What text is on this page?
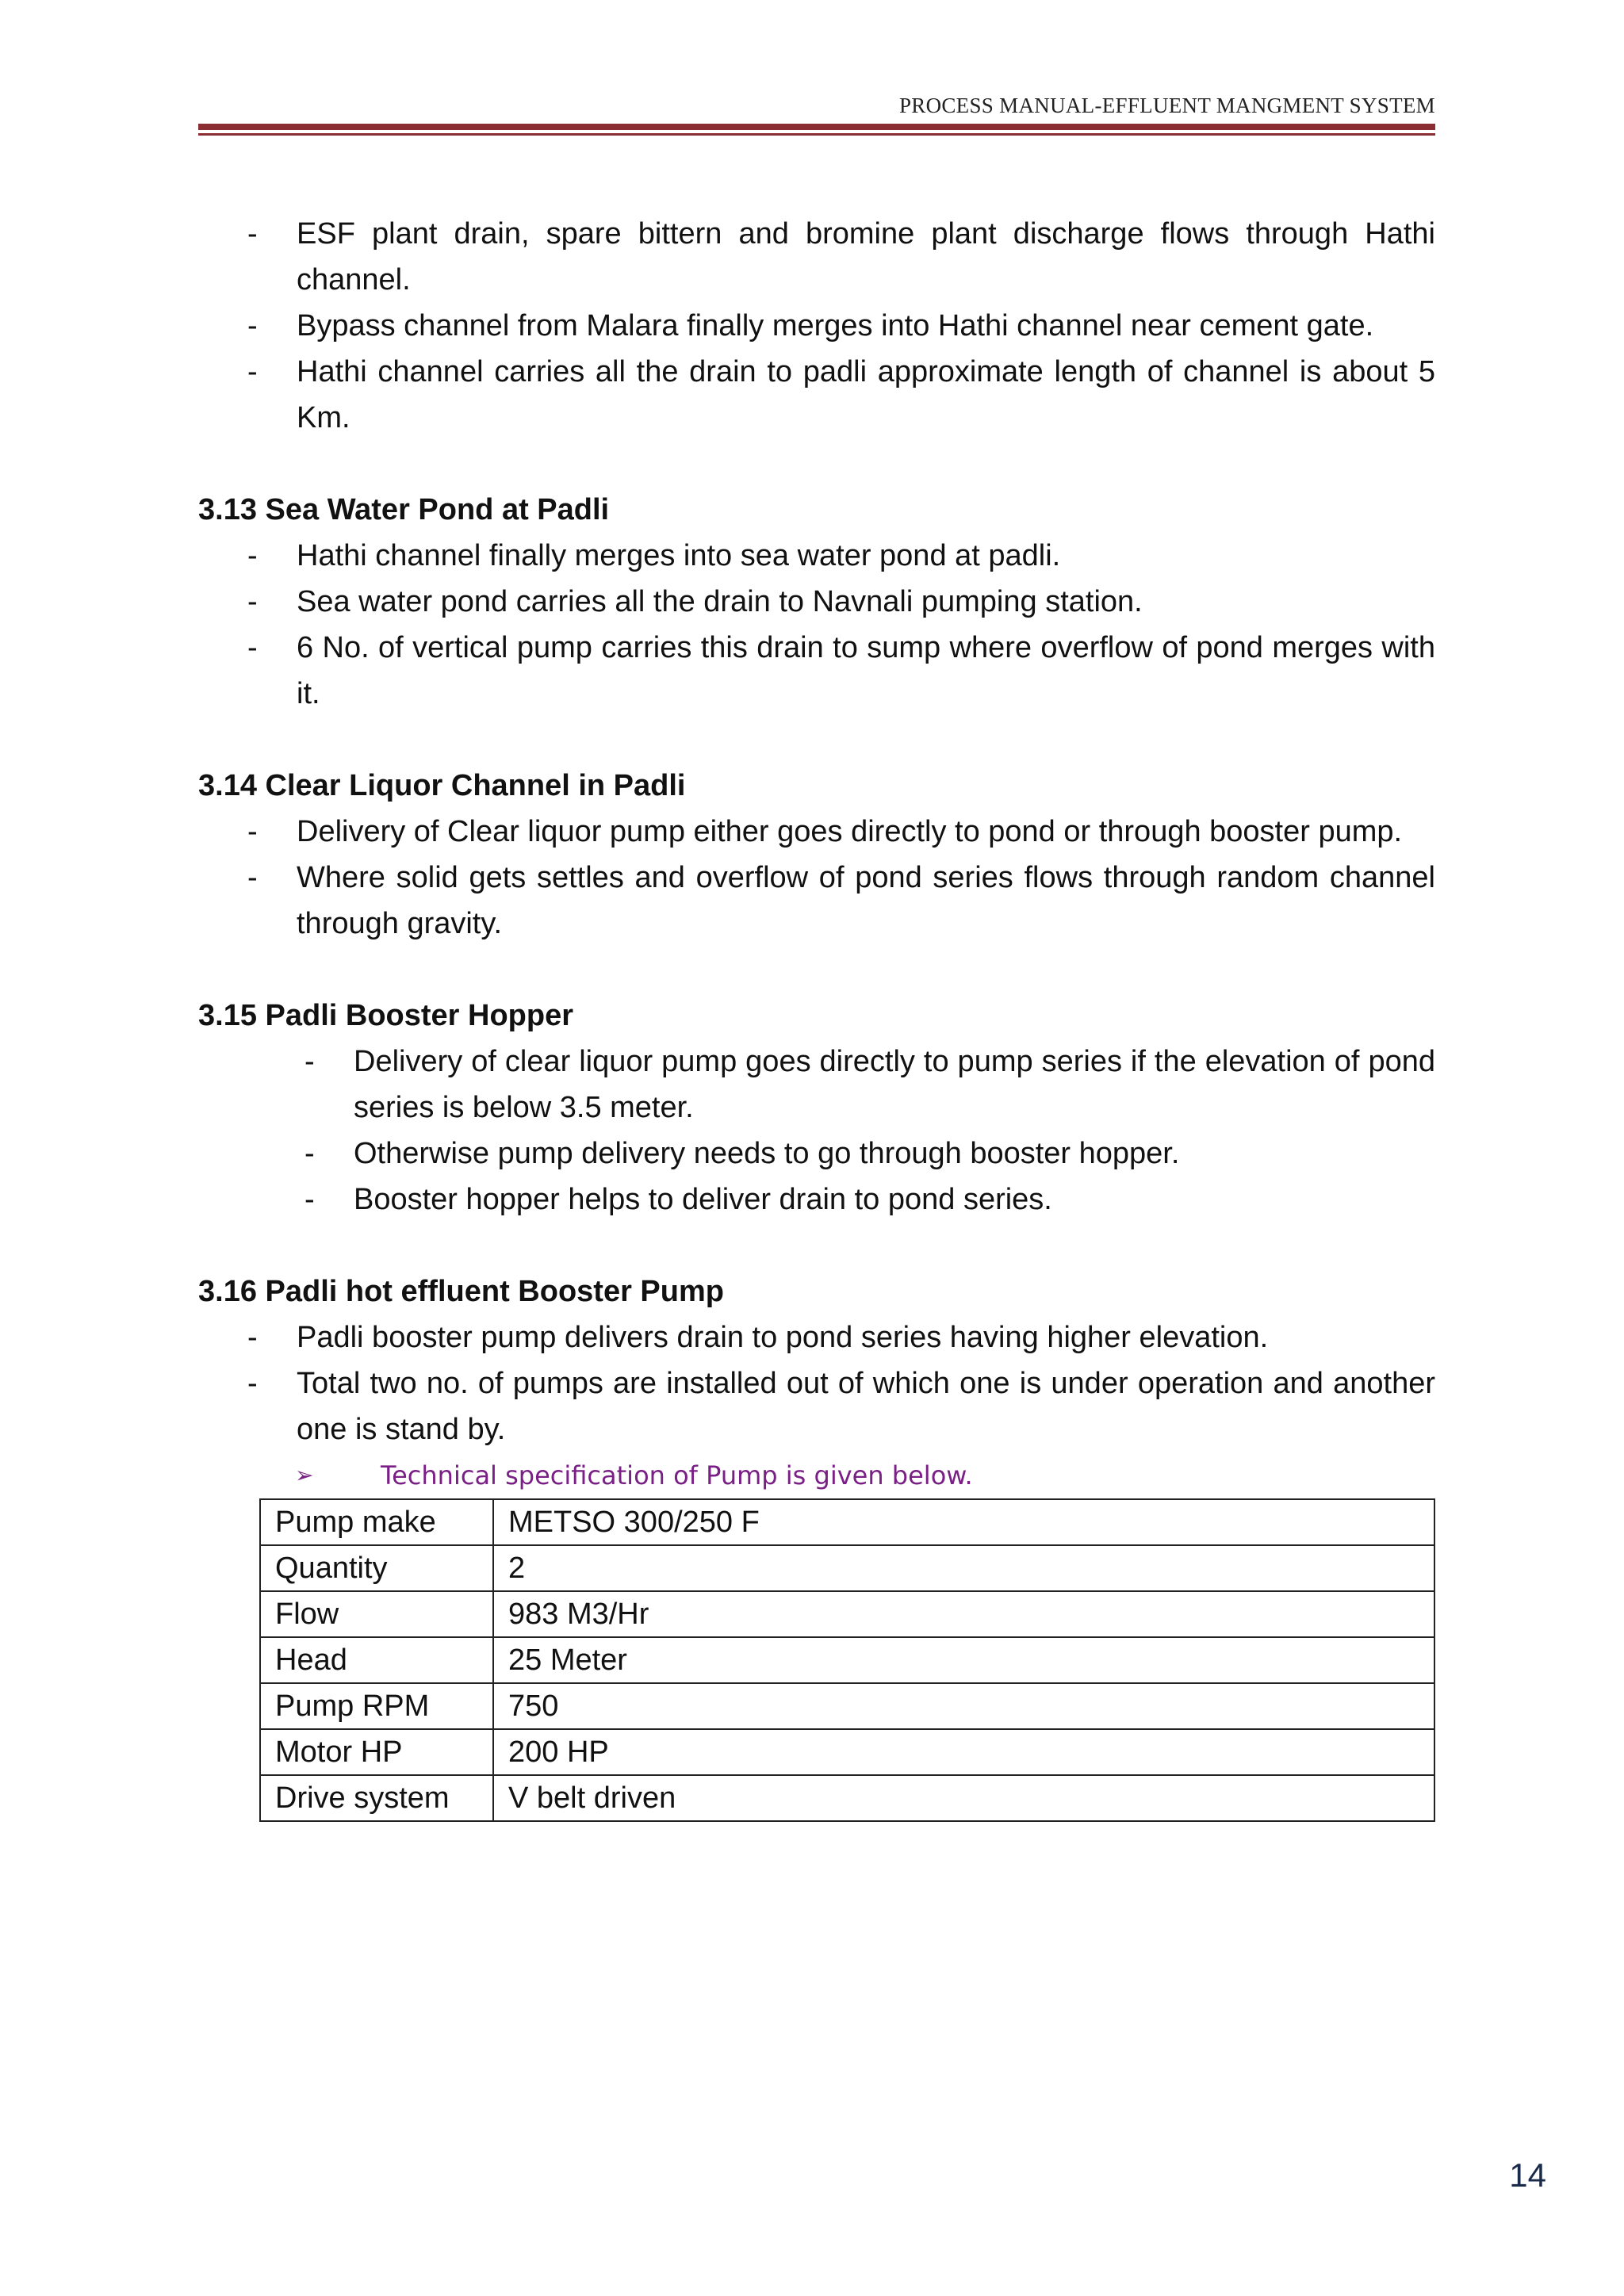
PROCESS MANUAL-EFFLUENT MANGMENT SYSTEM
-	ESF plant drain, spare bittern and bromine plant discharge flows through Hathi channel.
-	Bypass channel from Malara finally merges into Hathi channel near cement gate.
-	Hathi channel carries all the drain to padli approximate length of channel is about 5 Km.
3.13 Sea Water Pond at Padli
-	Hathi channel finally merges into sea water pond at padli.
-	Sea water pond carries all the drain to Navnali pumping station.
-	6 No. of vertical pump carries this drain to sump where overflow of pond merges with it.
3.14 Clear Liquor Channel in Padli
-	Delivery of Clear liquor pump either goes directly to pond or through booster pump.
-	Where solid gets settles and overflow of pond series flows through random channel through gravity.
3.15 Padli Booster Hopper
-	Delivery of clear liquor pump goes directly to pump series if the elevation of pond series is below 3.5 meter.
-	Otherwise pump delivery needs to go through booster hopper.
-	Booster hopper helps to deliver drain to pond series.
3.16 Padli hot effluent Booster Pump
-	Padli booster pump delivers drain to pond series having higher elevation.
-	Total two no. of pumps are installed out of which one is under operation and another one is stand by.
➢	Technical specification of Pump is given below.
Pump make	METSO 300/250 F
Quantity	2
Flow	983 M3/Hr
Head	25 Meter
Pump RPM	750
Motor HP	200 HP
Drive system	V belt driven
14
